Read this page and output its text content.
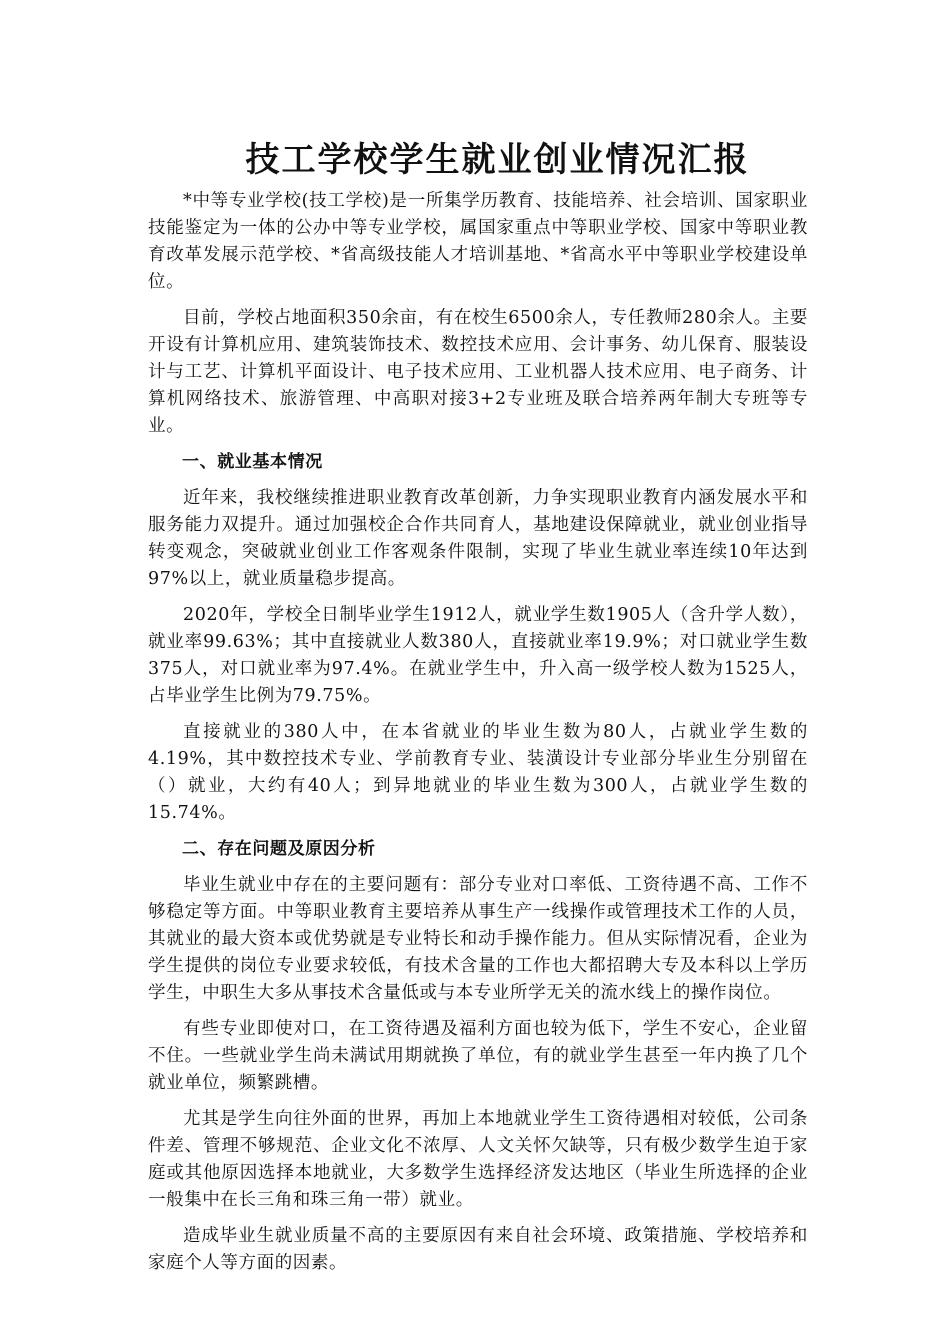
技工学校学生就业创业情况汇报

*中等专业学校(技工学校)是一所集学历教育、技能培养、社会培训、国家职业技能鉴定为一体的公办中等专业学校，属国家重点中等职业学校、国家中等职业教育改革发展示范学校、*省高级技能人才培训基地、*省高水平中等职业学校建设单位。

目前，学校占地面积350余亩，有在校生6500余人，专任教师280余人。主要开设有计算机应用、建筑装饰技术、数控技术应用、会计事务、幼儿保育、服装设计与工艺、计算机平面设计、电子技术应用、工业机器人技术应用、电子商务、计算机网络技术、旅游管理、中高职对接3+2专业班及联合培养两年制大专班等专业。

一、就业基本情况

近年来，我校继续推进职业教育改革创新，力争实现职业教育内涵发展水平和服务能力双提升。通过加强校企合作共同育人，基地建设保障就业，就业创业指导转变观念，突破就业创业工作客观条件限制，实现了毕业生就业率连续10年达到97%以上，就业质量稳步提高。

2020年，学校全日制毕业学生1912人，就业学生数1905人（含升学人数），就业率99.63%；其中直接就业人数380人，直接就业率19.9%；对口就业学生数375人，对口就业率为97.4%。在就业学生中，升入高一级学校人数为1525人，占毕业学生比例为79.75%。

直接就业的380人中，在本省就业的毕业生数为80人，占就业学生数的4.19%，其中数控技术专业、学前教育专业、装潢设计专业部分毕业生分别留在（）就业，大约有40人；到异地就业的毕业生数为300人，占就业学生数的15.74%。

二、存在问题及原因分析

毕业生就业中存在的主要问题有：部分专业对口率低、工资待遇不高、工作不够稳定等方面。中等职业教育主要培养从事生产一线操作或管理技术工作的人员，其就业的最大资本或优势就是专业特长和动手操作能力。但从实际情况看，企业为学生提供的岗位专业要求较低，有技术含量的工作也大都招聘大专及本科以上学历学生，中职生大多从事技术含量低或与本专业所学无关的流水线上的操作岗位。

有些专业即使对口，在工资待遇及福利方面也较为低下，学生不安心，企业留不住。一些就业学生尚未满试用期就换了单位，有的就业学生甚至一年内换了几个就业单位，频繁跳槽。

尤其是学生向往外面的世界，再加上本地就业学生工资待遇相对较低，公司条件差、管理不够规范、企业文化不浓厚、人文关怀欠缺等，只有极少数学生迫于家庭或其他原因选择本地就业，大多数学生选择经济发达地区（毕业生所选择的企业一般集中在长三角和珠三角一带）就业。

造成毕业生就业质量不高的主要原因有来自社会环境、政策措施、学校培养和家庭个人等方面的因素。
